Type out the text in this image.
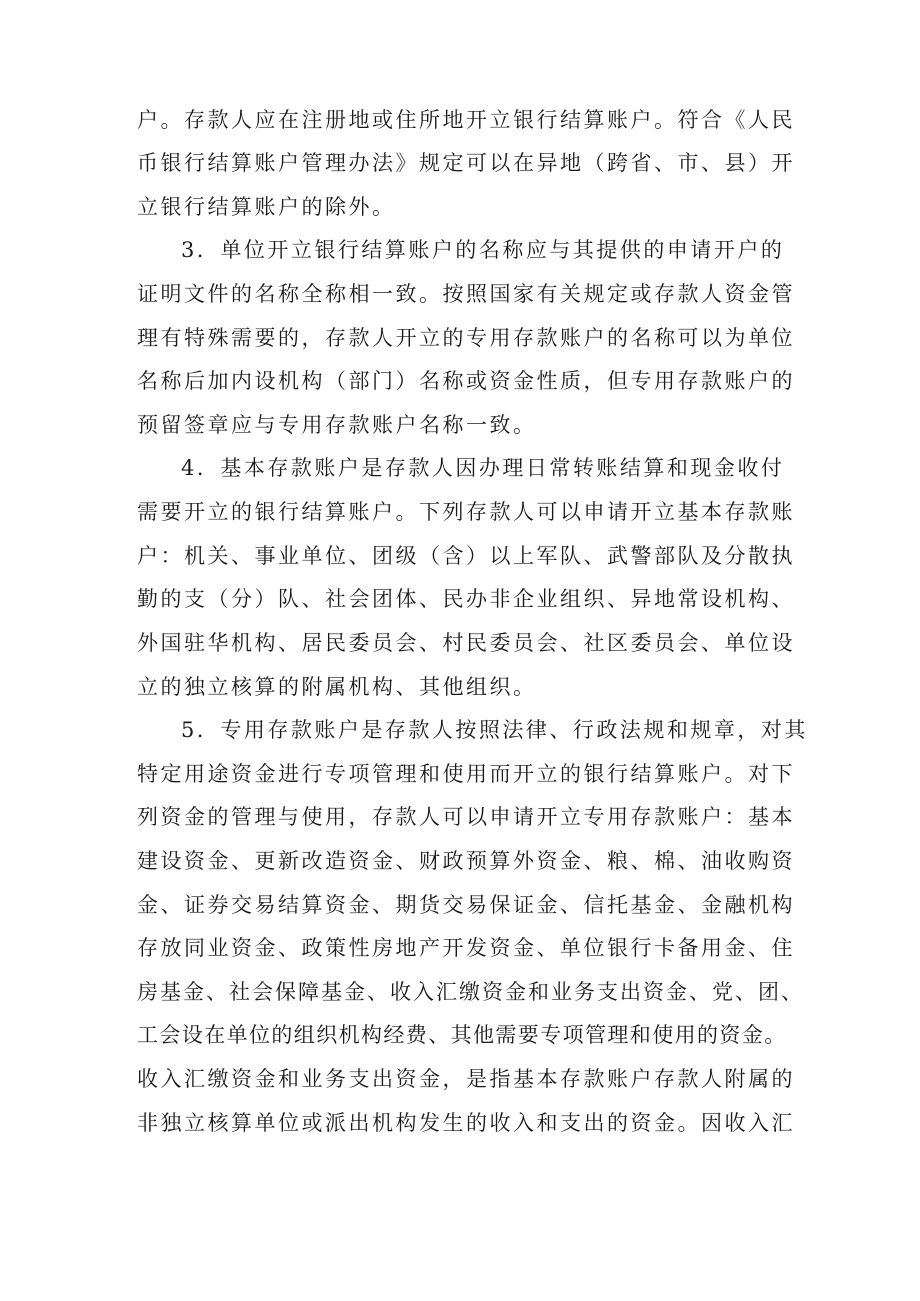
户。存款人应在注册地或住所地开立银行结算账户。符合《人民
币银行结算账户管理办法》规定可以在异地（跨省、市、县）开
立银行结算账户的除外。
3．单位开立银行结算账户的名称应与其提供的申请开户的
证明文件的名称全称相一致。按照国家有关规定或存款人资金管
理有特殊需要的，存款人开立的专用存款账户的名称可以为单位
名称后加内设机构（部门）名称或资金性质，但专用存款账户的
预留签章应与专用存款账户名称一致。
4．基本存款账户是存款人因办理日常转账结算和现金收付
需要开立的银行结算账户。下列存款人可以申请开立基本存款账
户：机关、事业单位、团级（含）以上军队、武警部队及分散执
勤的支（分）队、社会团体、民办非企业组织、异地常设机构、
外国驻华机构、居民委员会、村民委员会、社区委员会、单位设
立的独立核算的附属机构、其他组织。
5．专用存款账户是存款人按照法律、行政法规和规章，对其
特定用途资金进行专项管理和使用而开立的银行结算账户。对下
列资金的管理与使用，存款人可以申请开立专用存款账户：基本
建设资金、更新改造资金、财政预算外资金、粮、棉、油收购资
金、证券交易结算资金、期货交易保证金、信托基金、金融机构
存放同业资金、政策性房地产开发资金、单位银行卡备用金、住
房基金、社会保障基金、收入汇缴资金和业务支出资金、党、团、
工会设在单位的组织机构经费、其他需要专项管理和使用的资金。
收入汇缴资金和业务支出资金，是指基本存款账户存款人附属的
非独立核算单位或派出机构发生的收入和支出的资金。因收入汇
